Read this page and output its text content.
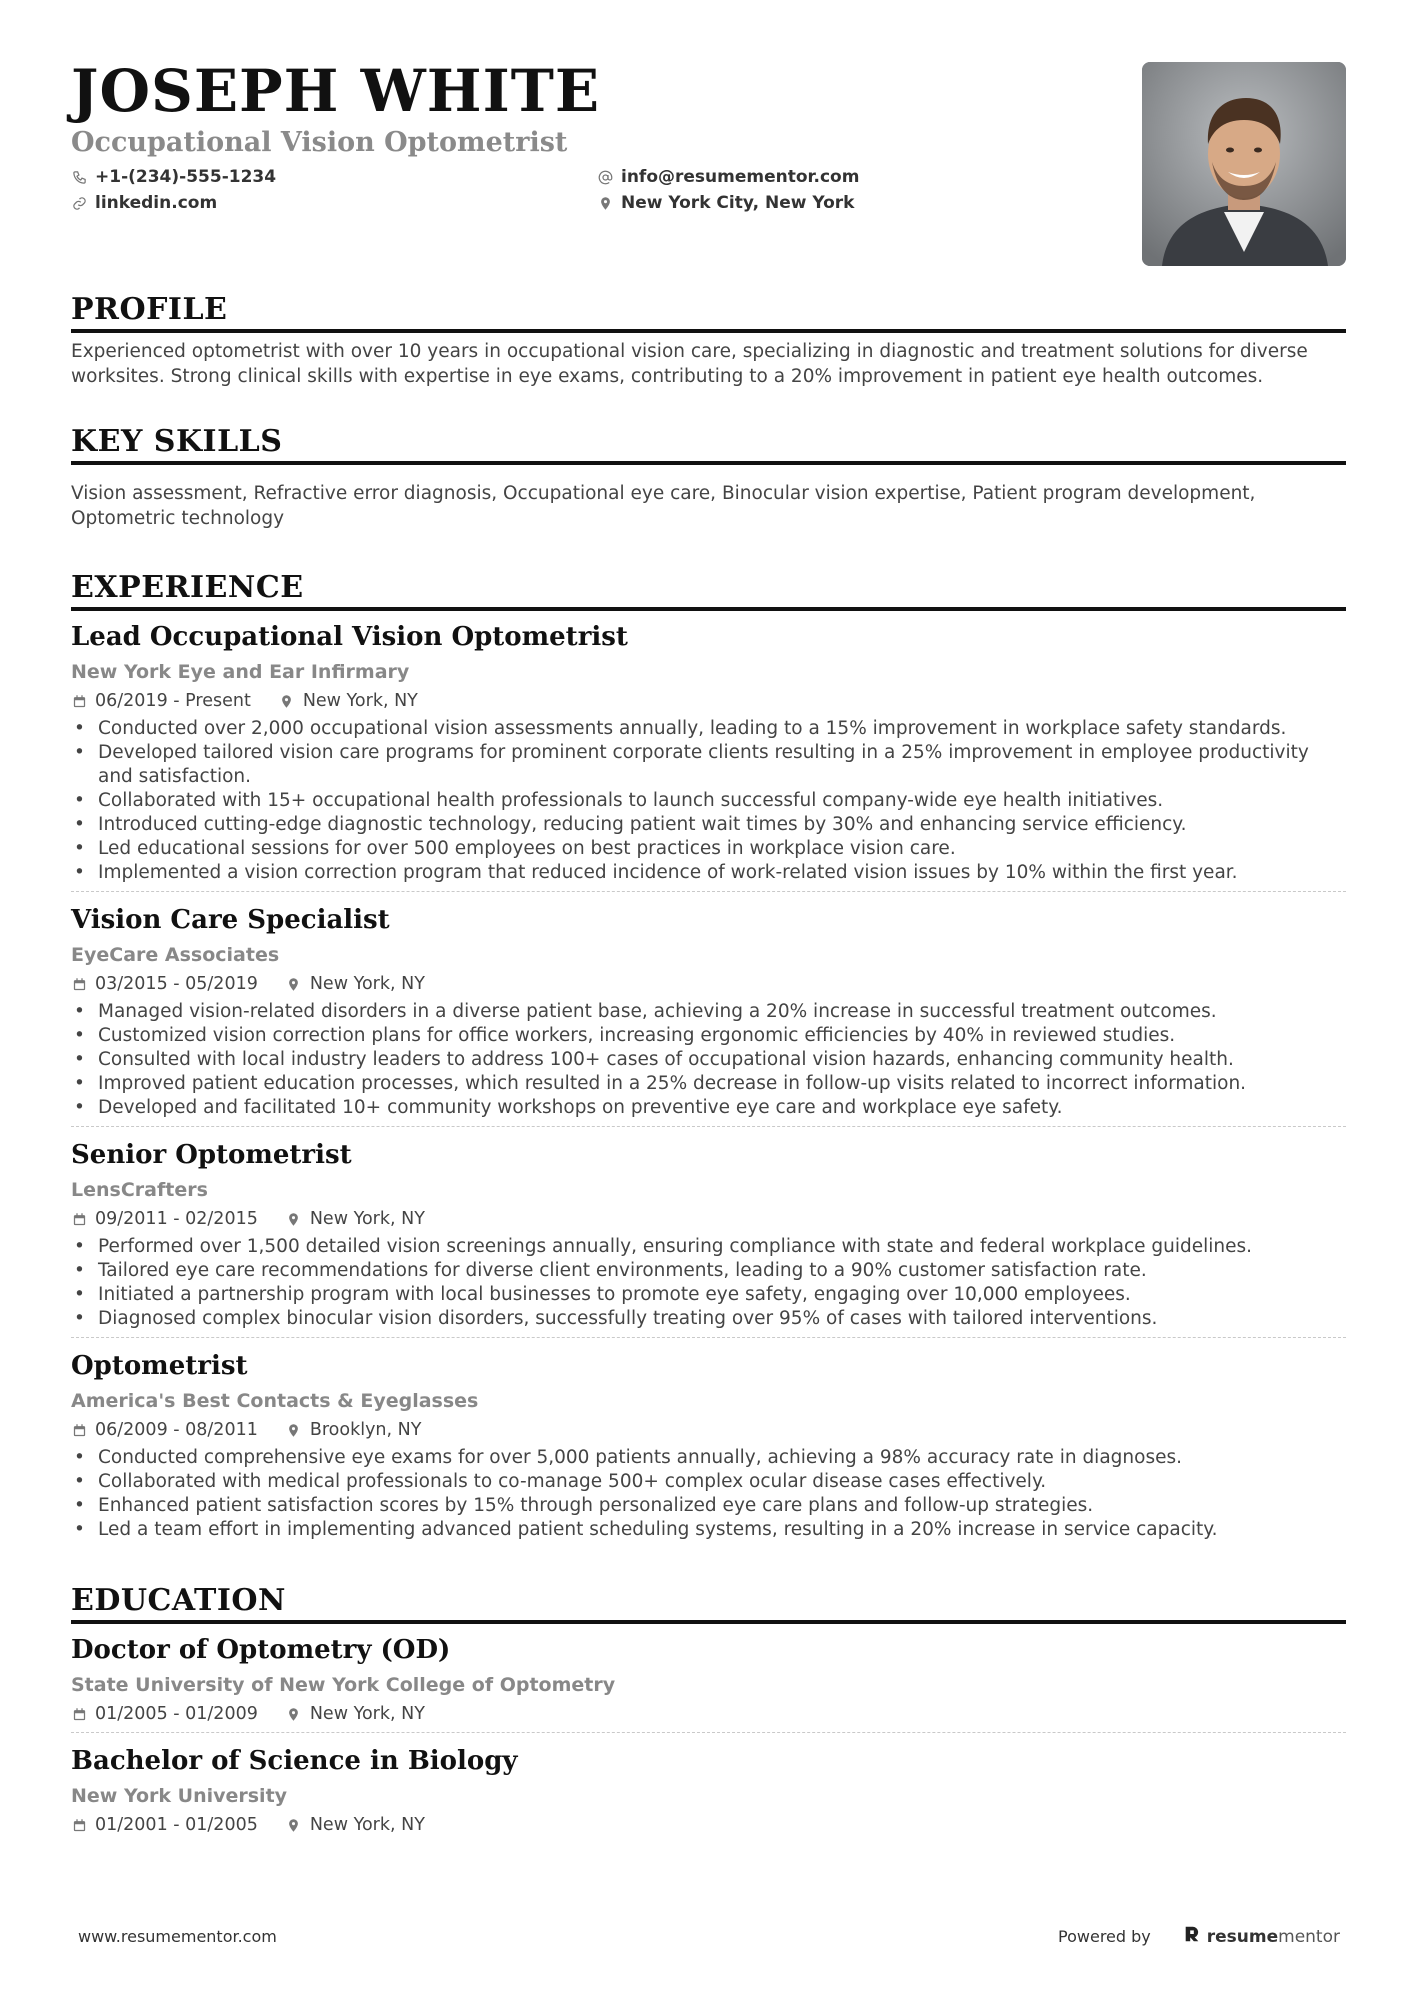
JOSEPH WHITE

Occupational Vision Optometrist

+1-(234)-555-1234	info@resumementor.com
linkedin.com	New York City, New York
PROFILE

Experienced optometrist with over 10 years in occupational vision care, specializing in diagnostic and treatment solutions for diverse worksites. Strong clinical skills with expertise in eye exams, contributing to a 20% improvement in patient eye health outcomes.

KEY SKILLS

Vision assessment, Refractive error diagnosis, Occupational eye care, Binocular vision expertise, Patient program development, Optometric technology

EXPERIENCE
Lead Occupational Vision Optometrist

New York Eye and Ear Infirmary

06/2019 - Present	New York, NY
• Conducted over 2,000 occupational vision assessments annually, leading to a 15% improvement in workplace safety standards.
• Developed tailored vision care programs for prominent corporate clients resulting in a 25% improvement in employee productivity and satisfaction.
• Collaborated with 15+ occupational health professionals to launch successful company-wide eye health initiatives.
• Introduced cutting-edge diagnostic technology, reducing patient wait times by 30% and enhancing service efficiency.
• Led educational sessions for over 500 employees on best practices in workplace vision care.
• Implemented a vision correction program that reduced incidence of work-related vision issues by 10% within the first year.
Vision Care Specialist

EyeCare Associates

03/2015 - 05/2019	New York, NY
• Managed vision-related disorders in a diverse patient base, achieving a 20% increase in successful treatment outcomes.
• Customized vision correction plans for office workers, increasing ergonomic efficiencies by 40% in reviewed studies.
• Consulted with local industry leaders to address 100+ cases of occupational vision hazards, enhancing community health.
• Improved patient education processes, which resulted in a 25% decrease in follow-up visits related to incorrect information.
• Developed and facilitated 10+ community workshops on preventive eye care and workplace eye safety.
Senior Optometrist

LensCrafters

09/2011 - 02/2015	New York, NY
• Performed over 1,500 detailed vision screenings annually, ensuring compliance with state and federal workplace guidelines.
• Tailored eye care recommendations for diverse client environments, leading to a 90% customer satisfaction rate.
• Initiated a partnership program with local businesses to promote eye safety, engaging over 10,000 employees.
• Diagnosed complex binocular vision disorders, successfully treating over 95% of cases with tailored interventions.
Optometrist

America's Best Contacts & Eyeglasses

06/2009 - 08/2011	Brooklyn, NY
• Conducted comprehensive eye exams for over 5,000 patients annually, achieving a 98% accuracy rate in diagnoses.
• Collaborated with medical professionals to co-manage 500+ complex ocular disease cases effectively.
• Enhanced patient satisfaction scores by 15% through personalized eye care plans and follow-up strategies.
• Led a team effort in implementing advanced patient scheduling systems, resulting in a 20% increase in service capacity.
EDUCATION
Doctor of Optometry (OD)

State University of New York College of Optometry

01/2005 - 01/2009	New York, NY
Bachelor of Science in Biology

New York University

01/2001 - 01/2005	New York, NY
www.resumementor.com	Powered by	resumementor
